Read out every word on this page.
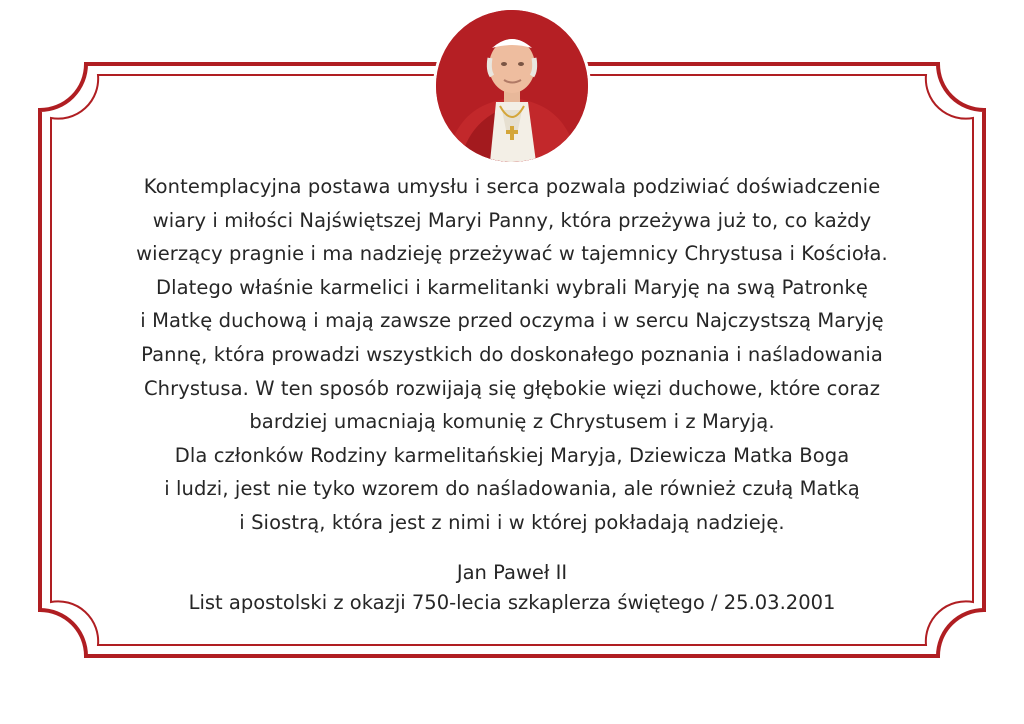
Kontemplacyjna postawa umysłu i serca pozwala podziwiać doświadczenie
wiary i miłości Najświętszej Maryi Panny, która przeżywa już to, co każdy
wierzący pragnie i ma nadzieję przeżywać w tajemnicy Chrystusa i Kościoła.
Dlatego właśnie karmelici i karmelitanki wybrali Maryję na swą Patronkę
i Matkę duchową i mają zawsze przed oczyma i w sercu Najczystszą Maryję
Pannę, która prowadzi wszystkich do doskonałego poznania i naśladowania
Chrystusa. W ten sposób rozwijają się głębokie więzi duchowe, które coraz
bardziej umacniają komunię z Chrystusem i z Maryją.
Dla członków Rodziny karmelitańskiej Maryja, Dziewicza Matka Boga
i ludzi, jest nie tyko wzorem do naśladowania, ale również czułą Matką
i Siostrą, która jest z nimi i w której pokładają nadzieję.

Jan Paweł II
List apostolski z okazji 750-lecia szkaplerza świętego / 25.03.2001
